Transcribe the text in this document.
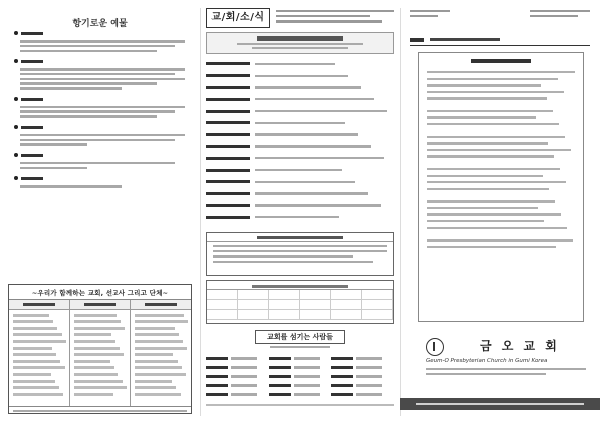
항기로운 예물
~우리가 함께하는 교회, 선교사 그리고 단체~
교/회/소/식
교회를 섬기는 사람들
금 오 교 회
Geum-O Presbyterian Church in Gumi Korea
